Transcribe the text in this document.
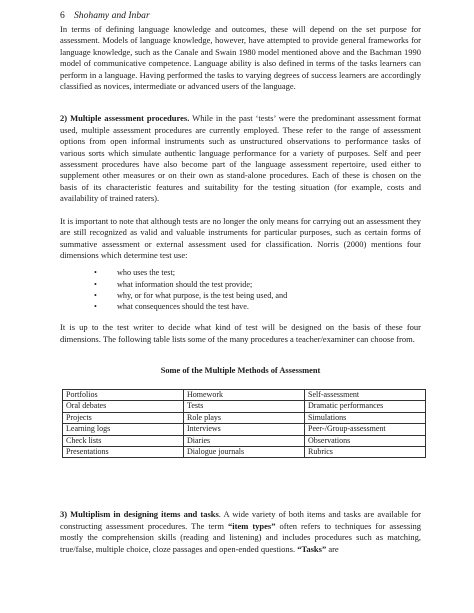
6 Shohamy and Inbar

In terms of defining language knowledge and outcomes, these will depend on the set purpose for assessment. Models of language knowledge, however, have attempted to provide general frameworks for language knowledge, such as the Canale and Swain 1980 model mentioned above and the Bachman 1990 model of communicative competence. Language ability is also defined in terms of the tasks learners can perform in a language. Having performed the tasks to varying degrees of success learners are accordingly classified as novices, intermediate or advanced users of the language.

2) Multiple assessment procedures. While in the past ‘tests’ were the predominant assessment format used, multiple assessment procedures are currently employed. These refer to the range of assessment options from open informal instruments such as unstructured observations to performance tasks of various sorts which simulate authentic language performance for a variety of purposes. Self and peer assessment procedures have also become part of the language assessment repertoire, used either to supplement other measures or on their own as stand-alone procedures. Each of these is chosen on the basis of its characteristic features and suitability for the testing situation (for example, costs and availability of trained raters).

It is important to note that although tests are no longer the only means for carrying out an assessment they are still recognized as valid and valuable instruments for particular purposes, such as certain forms of summative assessment or external assessment used for classification. Norris (2000) mentions four dimensions which determine test use:

• who uses the test;
• what information should the test provide;
• why, or for what purpose, is the test being used, and
• what consequences should the test have.

It is up to the test writer to decide what kind of test will be designed on the basis of these four dimensions. The following table lists some of the many procedures a teacher/examiner can choose from.

Some of the Multiple Methods of Assessment
Portfolios	Homework	Self-assessment
Oral debates	Tests	Dramatic performances
Projects	Role plays	Simulations
Learning logs	Interviews	Peer-/Group-assessment
Check lists	Diaries	Observations
Presentations	Dialogue journals	Rubrics

3) Multiplism in designing items and tasks. A wide variety of both items and tasks are available for constructing assessment procedures. The term “item types” often refers to techniques for assessing mostly the comprehension skills (reading and listening) and includes procedures such as matching, true/false, multiple choice, cloze passages and open-ended questions. “Tasks” are
